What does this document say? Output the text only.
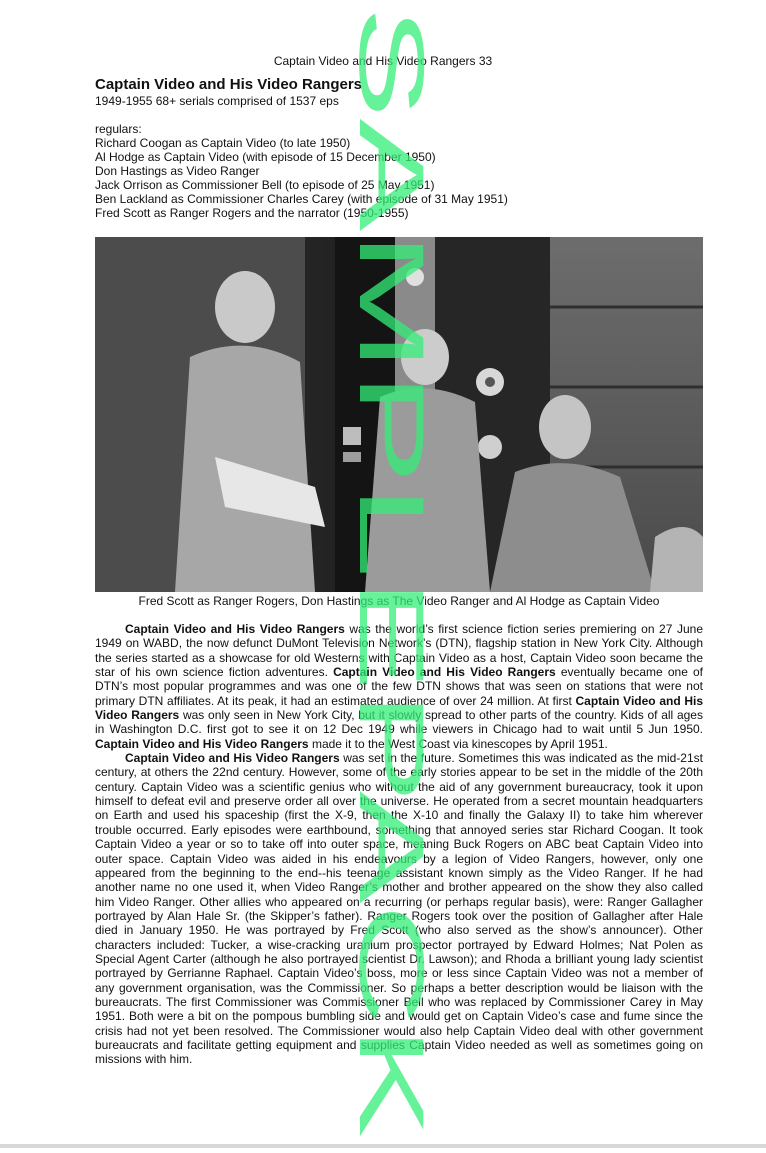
Captain Video and His Video Rangers 33
Captain Video and His Video Rangers

1949-1955 68+ serials comprised of 1537 eps

regulars:
Richard Coogan as Captain Video (to late 1950)
Al Hodge as Captain Video (with episode of 15 December 1950)
Don Hastings as Video Ranger
Jack Orrison as Commissioner Bell (to episode of 25 May 1951)
Ben Lackland as Commissioner Charles Carey (with episode of 31 May 1951)
Fred Scott as Ranger Rogers and the narrator (1950-1955)
Fred Scott as Ranger Rogers, Don Hastings as The Video Ranger and Al Hodge as Captain Video

Captain Video and His Video Rangers was the world’s first science fiction series premiering on 27 June 1949 on WABD, the now defunct DuMont Television Network’s (DTN), flagship station in New York City. Although the series started as a showcase for old Westerns with Captain Video as a host, Captain Video soon became the star of his own science fiction adventures. Captain Video and His Video Rangers eventually became one of DTN’s most popular programmes and was one of the few DTN shows that was seen on stations that were not primary DTN affiliates. At its peak, it had an estimated audience of over 24 million. At first Captain Video and His Video Rangers was only seen in New York City, but it slowly spread to other parts of the country. Kids of all ages in Washington D.C. first got to see it on 12 Dec 1949 while viewers in Chicago had to wait until 5 Jun 1950. Captain Video and His Video Rangers made it to the West Coast via kinescopes by April 1951.

Captain Video and His Video Rangers was set in the future. Sometimes this was indicated as the mid-21st century, at others the 22nd century. However, some of the early stories appear to be set in the middle of the 20th century. Captain Video was a scientific genius who without the aid of any government bureaucracy, took it upon himself to defeat evil and preserve order all over the universe. He operated from a secret mountain headquarters on Earth and used his spaceship (first the X-9, then the X-10 and finally the Galaxy II) to take him wherever trouble occurred. Early episodes were earthbound, something that annoyed series star Richard Coogan. It took Captain Video a year or so to take off into outer space, meaning Buck Rogers on ABC beat Captain Video into outer space. Captain Video was aided in his endeavours by a legion of Video Rangers, however, only one appeared from the beginning to the end--his teenage assistant known simply as the Video Ranger. If he had another name no one used it, when Video Ranger’s mother and brother appeared on the show they also called him Video Ranger. Other allies who appeared on a recurring (or perhaps regular basis), were: Ranger Gallagher portrayed by Alan Hale Sr. (the Skipper’s father). Ranger Rogers took over the position of Gallagher after Hale died in January 1950. He was portrayed by Fred Scott (who also served as the show’s announcer). Other characters included: Tucker, a wise-cracking uranium prospector portrayed by Edward Holmes; Nat Polen as Special Agent Carter (although he also portrayed scientist Dr. Lawson); and Rhoda a brilliant young lady scientist portrayed by Gerrianne Raphael. Captain Video’s boss, more or less since Captain Video was not a member of any government organisation, was the Commissioner. So perhaps a better description would be liaison with the bureaucrats. The first Commissioner was Commissioner Bell who was replaced by Commissioner Carey in May 1951. Both were a bit on the pompous bumbling side and would get on Captain Video’s case and fume since the crisis had not yet been resolved. The Commissioner would also help Captain Video deal with other government bureaucrats and facilitate getting equipment and supplies Captain Video needed as well as sometimes going on missions with him.

SAMPLEPACK
